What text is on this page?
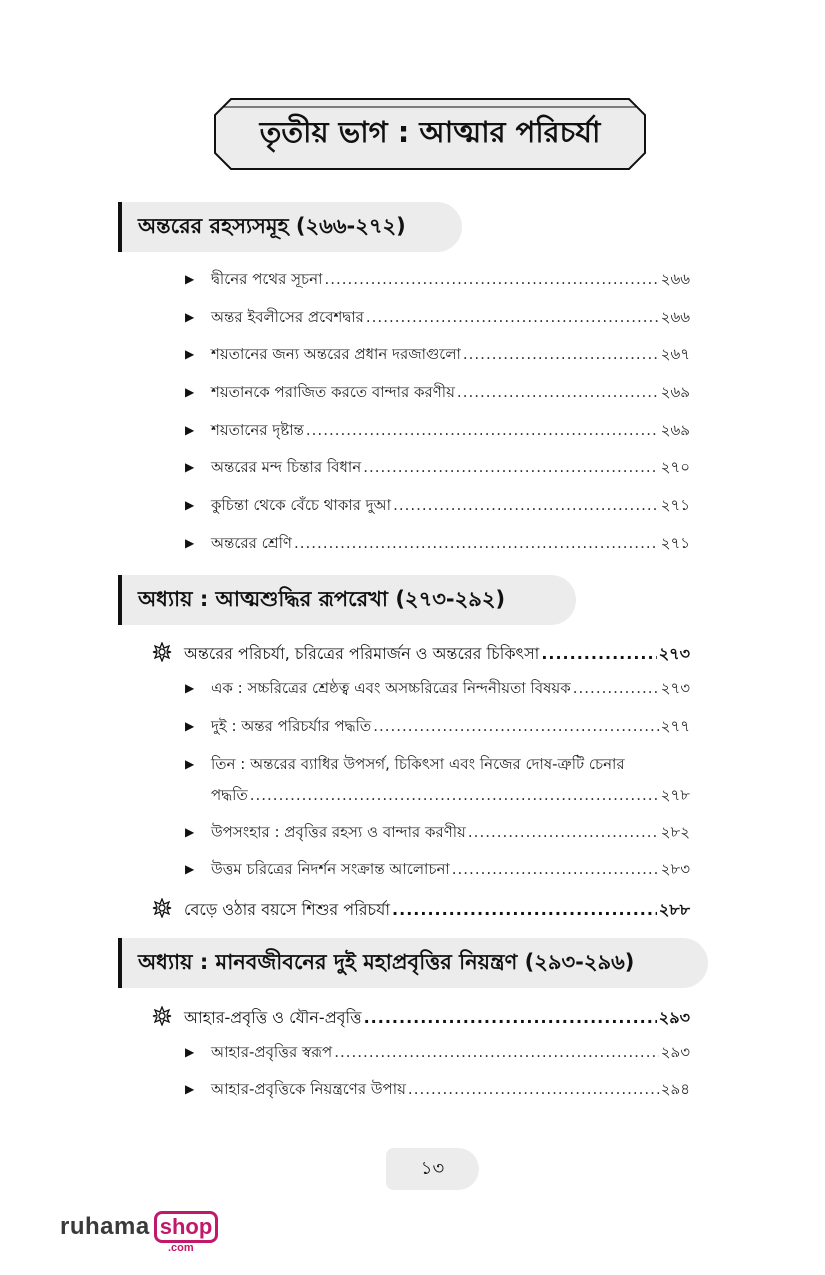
তৃতীয় ভাগ : আত্মার পরিচর্যা
অন্তরের রহস্যসমূহ (২৬৬-২৭২)
▶	দ্বীনের পথের সূচনা .....	২৬৬
▶	অন্তর ইবলীসের প্রবেশদ্বার .....	২৬৬
▶	শয়তানের জন্য অন্তরের প্রধান দরজাগুলো .....	২৬৭
▶	শয়তানকে পরাজিত করতে বান্দার করণীয় .....	২৬৯
▶	শয়তানের দৃষ্টান্ত .....	২৬৯
▶	অন্তরের মন্দ চিন্তার বিধান .....	২৭০
▶	কুচিন্তা থেকে বেঁচে থাকার দুআ .....	২৭১
▶	অন্তরের শ্রেণি .....	২৭১
অধ্যায় : আত্মশুদ্ধির রূপরেখা (২৭৩-২৯২)
অন্তরের পরিচর্যা, চরিত্রের পরিমার্জন ও অন্তরের চিকিৎসা .....	২৭৩
▶	এক : সচ্চরিত্রের শ্রেষ্ঠত্ব এবং অসচ্চরিত্রের নিন্দনীয়তা বিষয়ক .....	২৭৩
▶	দুই : অন্তর পরিচর্যার পদ্ধতি .....	২৭৭
▶	তিন : অন্তরের ব্যাধির উপসর্গ, চিকিৎসা এবং নিজের দোষ-ত্রুটি চেনার
পদ্ধতি .....	২৭৮
▶	উপসংহার : প্রবৃত্তির রহস্য ও বান্দার করণীয় .....	২৮২
▶	উত্তম চরিত্রের নিদর্শন সংক্রান্ত আলোচনা .....	২৮৩
বেড়ে ওঠার বয়সে শিশুর পরিচর্যা .....	২৮৮
অধ্যায় : মানবজীবনের দুই মহাপ্রবৃত্তির নিয়ন্ত্রণ (২৯৩-২৯৬)
আহার-প্রবৃত্তি ও যৌন-প্রবৃত্তি .....	২৯৩
▶	আহার-প্রবৃত্তির স্বরূপ .....	২৯৩
▶	আহার-প্রবৃত্তিকে নিয়ন্ত্রণের উপায় .....	২৯৪
১৩
ruhama shop
.com
